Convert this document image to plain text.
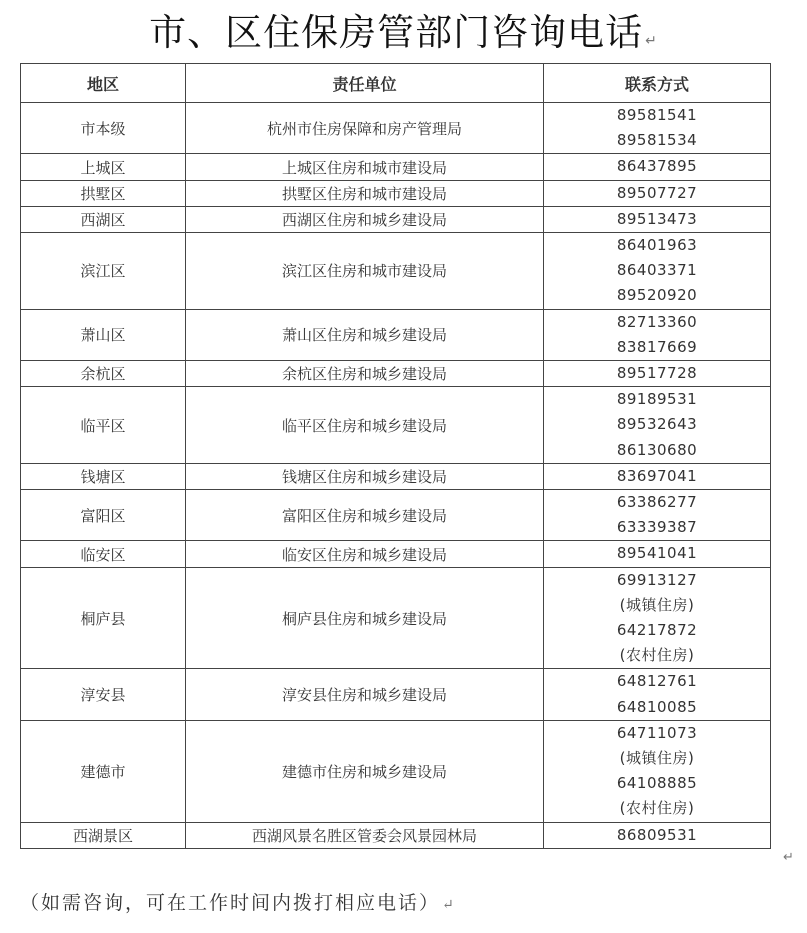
市、区住保房管部门咨询电话 ↵
地区	责任单位	联系方式
市本级	杭州市住房保障和房产管理局	89581541
89581534

上城区	上城区住房和城市建设局	86437895

拱墅区	拱墅区住房和城市建设局	89507727

西湖区	西湖区住房和城乡建设局	89513473

滨江区	滨江区住房和城市建设局	86401963
86403371
89520920

萧山区	萧山区住房和城乡建设局	82713360
83817669

余杭区	余杭区住房和城乡建设局	89517728

临平区	临平区住房和城乡建设局	89189531
89532643
86130680

钱塘区	钱塘区住房和城乡建设局	83697041

富阳区	富阳区住房和城乡建设局	63386277
63339387

临安区	临安区住房和城乡建设局	89541041

桐庐县	桐庐县住房和城乡建设局	69913127
(城镇住房)
64217872
(农村住房)

淳安县	淳安县住房和城乡建设局	64812761
64810085

建德市	建德市住房和城乡建设局	64711073
(城镇住房)
64108885
(农村住房)

西湖景区	西湖风景名胜区管委会风景园林局	86809531
↵
（如需咨询，可在工作时间内拨打相应电话） ↵
